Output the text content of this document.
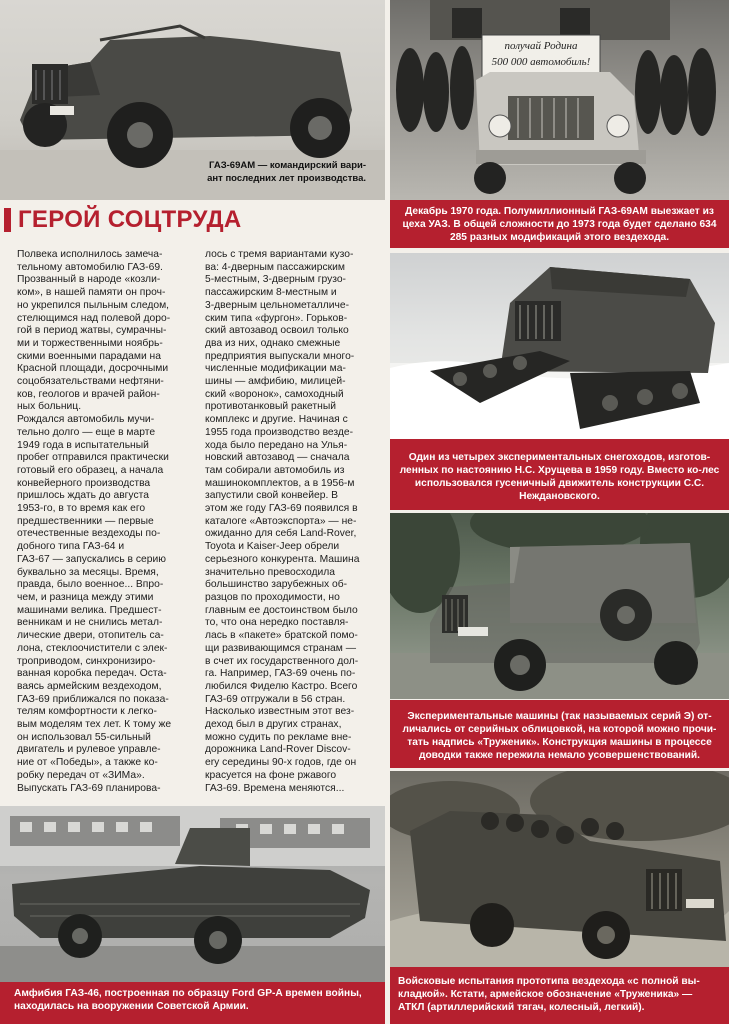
ГАЗ-69АМ — командирский вари-
ант последних лет производства.
получай Родина
500 000 автомобиль!
Декабрь 1970 года. Полумиллионный ГАЗ-69АМ выезжает из цеха УАЗ. В общей сложности до 1973 года будет сделано 634 285 разных модификаций этого вездехода.
ГЕРОЙ СОЦТРУДА
Полвека исполнилось замеча-
тельному автомобилю ГАЗ-69.
Прозванный в народе «козли-
ком», в нашей памяти он проч-
но укрепился пыльным следом,
стелющимся над полевой доро-
гой в период жатвы, сумрачны-
ми и торжественными ноябрь-
скими военными парадами на
Красной площади, досрочными
соцобязательствами нефтяни-
ков, геологов и врачей район-
ных больниц.
Рождался автомобиль мучи-
тельно долго — еще в марте
1949 года в испытательный
пробег отправился практически
готовый его образец, а начала
конвейерного производства
пришлось ждать до августа
1953-го, в то время как его
предшественники — первые
отечественные вездеходы по-
добного типа ГАЗ-64 и
ГАЗ-67 — запускались в серию
буквально за месяцы. Время,
правда, было военное... Впро-
чем, и разница между этими
машинами велика. Предшест-
венникам и не снились метал-
лические двери, отопитель са-
лона, стеклоочистители с элек-
троприводом, синхронизиро-
ванная коробка передач. Оста-
ваясь армейским вездеходом,
ГАЗ-69 приближался по показа-
телям комфортности к легко-
вым моделям тех лет. К тому же
он использовал 55-сильный
двигатель и рулевое управле-
ние от «Победы», а также ко-
робку передач от «ЗИМа».
Выпускать ГАЗ-69 планирова-
лось с тремя вариантами кузо-
ва: 4-дверным пассажирским
5-местным, 3-дверным грузо-
пассажирским 8-местным и
3-дверным цельнометалличе-
ским типа «фургон». Горьков-
ский автозавод освоил только
два из них, однако смежные
предприятия выпускали много-
численные модификации ма-
шины — амфибию, милицей-
ский «воронок», самоходный
противотанковый ракетный
комплекс и другие. Начиная с
1955 года производство везде-
хода было передано на Улья-
новский автозавод — сначала
там собирали автомобиль из
машинокомплектов, а в 1956-м
запустили свой конвейер. В
этом же году ГАЗ-69 появился в
каталоге «Автоэкспорта» — не-
ожиданно для себя Land-Rover,
Toyota и Kaiser-Jeep обрели
серьезного конкурента. Машина
значительно превосходила
большинство зарубежных об-
разцов по проходимости, но
главным ее достоинством было
то, что она нередко поставля-
лась в «пакете» братской помо-
щи развивающимся странам —
в счет их государственного дол-
га. Например, ГАЗ-69 очень по-
любился Фиделю Кастро. Всего
ГАЗ-69 отгружали в 56 стран.
Насколько известным этот вез-
деход был в других странах,
можно судить по рекламе вне-
дорожника Land-Rover Discov-
ery середины 90-х годов, где он
красуется на фоне ржавого
ГАЗ-69. Времена меняются...
Один из четырех экспериментальных снегоходов, изготов-ленных по настоянию Н.С. Хрущева в 1959 году. Вместо ко-лес использовался гусеничный движитель конструкции С.С. Неждановского.
Экспериментальные машины (так называемых серий Э) от-личались от серийных облицовкой, на которой можно прочи-тать надпись «Труженик». Конструкция машины в процессе доводки также пережила немало усовершенствований.
Амфибия ГАЗ-46, построенная по образцу Ford GP-A времен войны, находилась на вооружении Советской Армии.
Войсковые испытания прототипа вездехода «с полной вы-кладкой». Кстати, армейское обозначение «Труженика» — АТКЛ (артиллерийский тягач, колесный, легкий).
